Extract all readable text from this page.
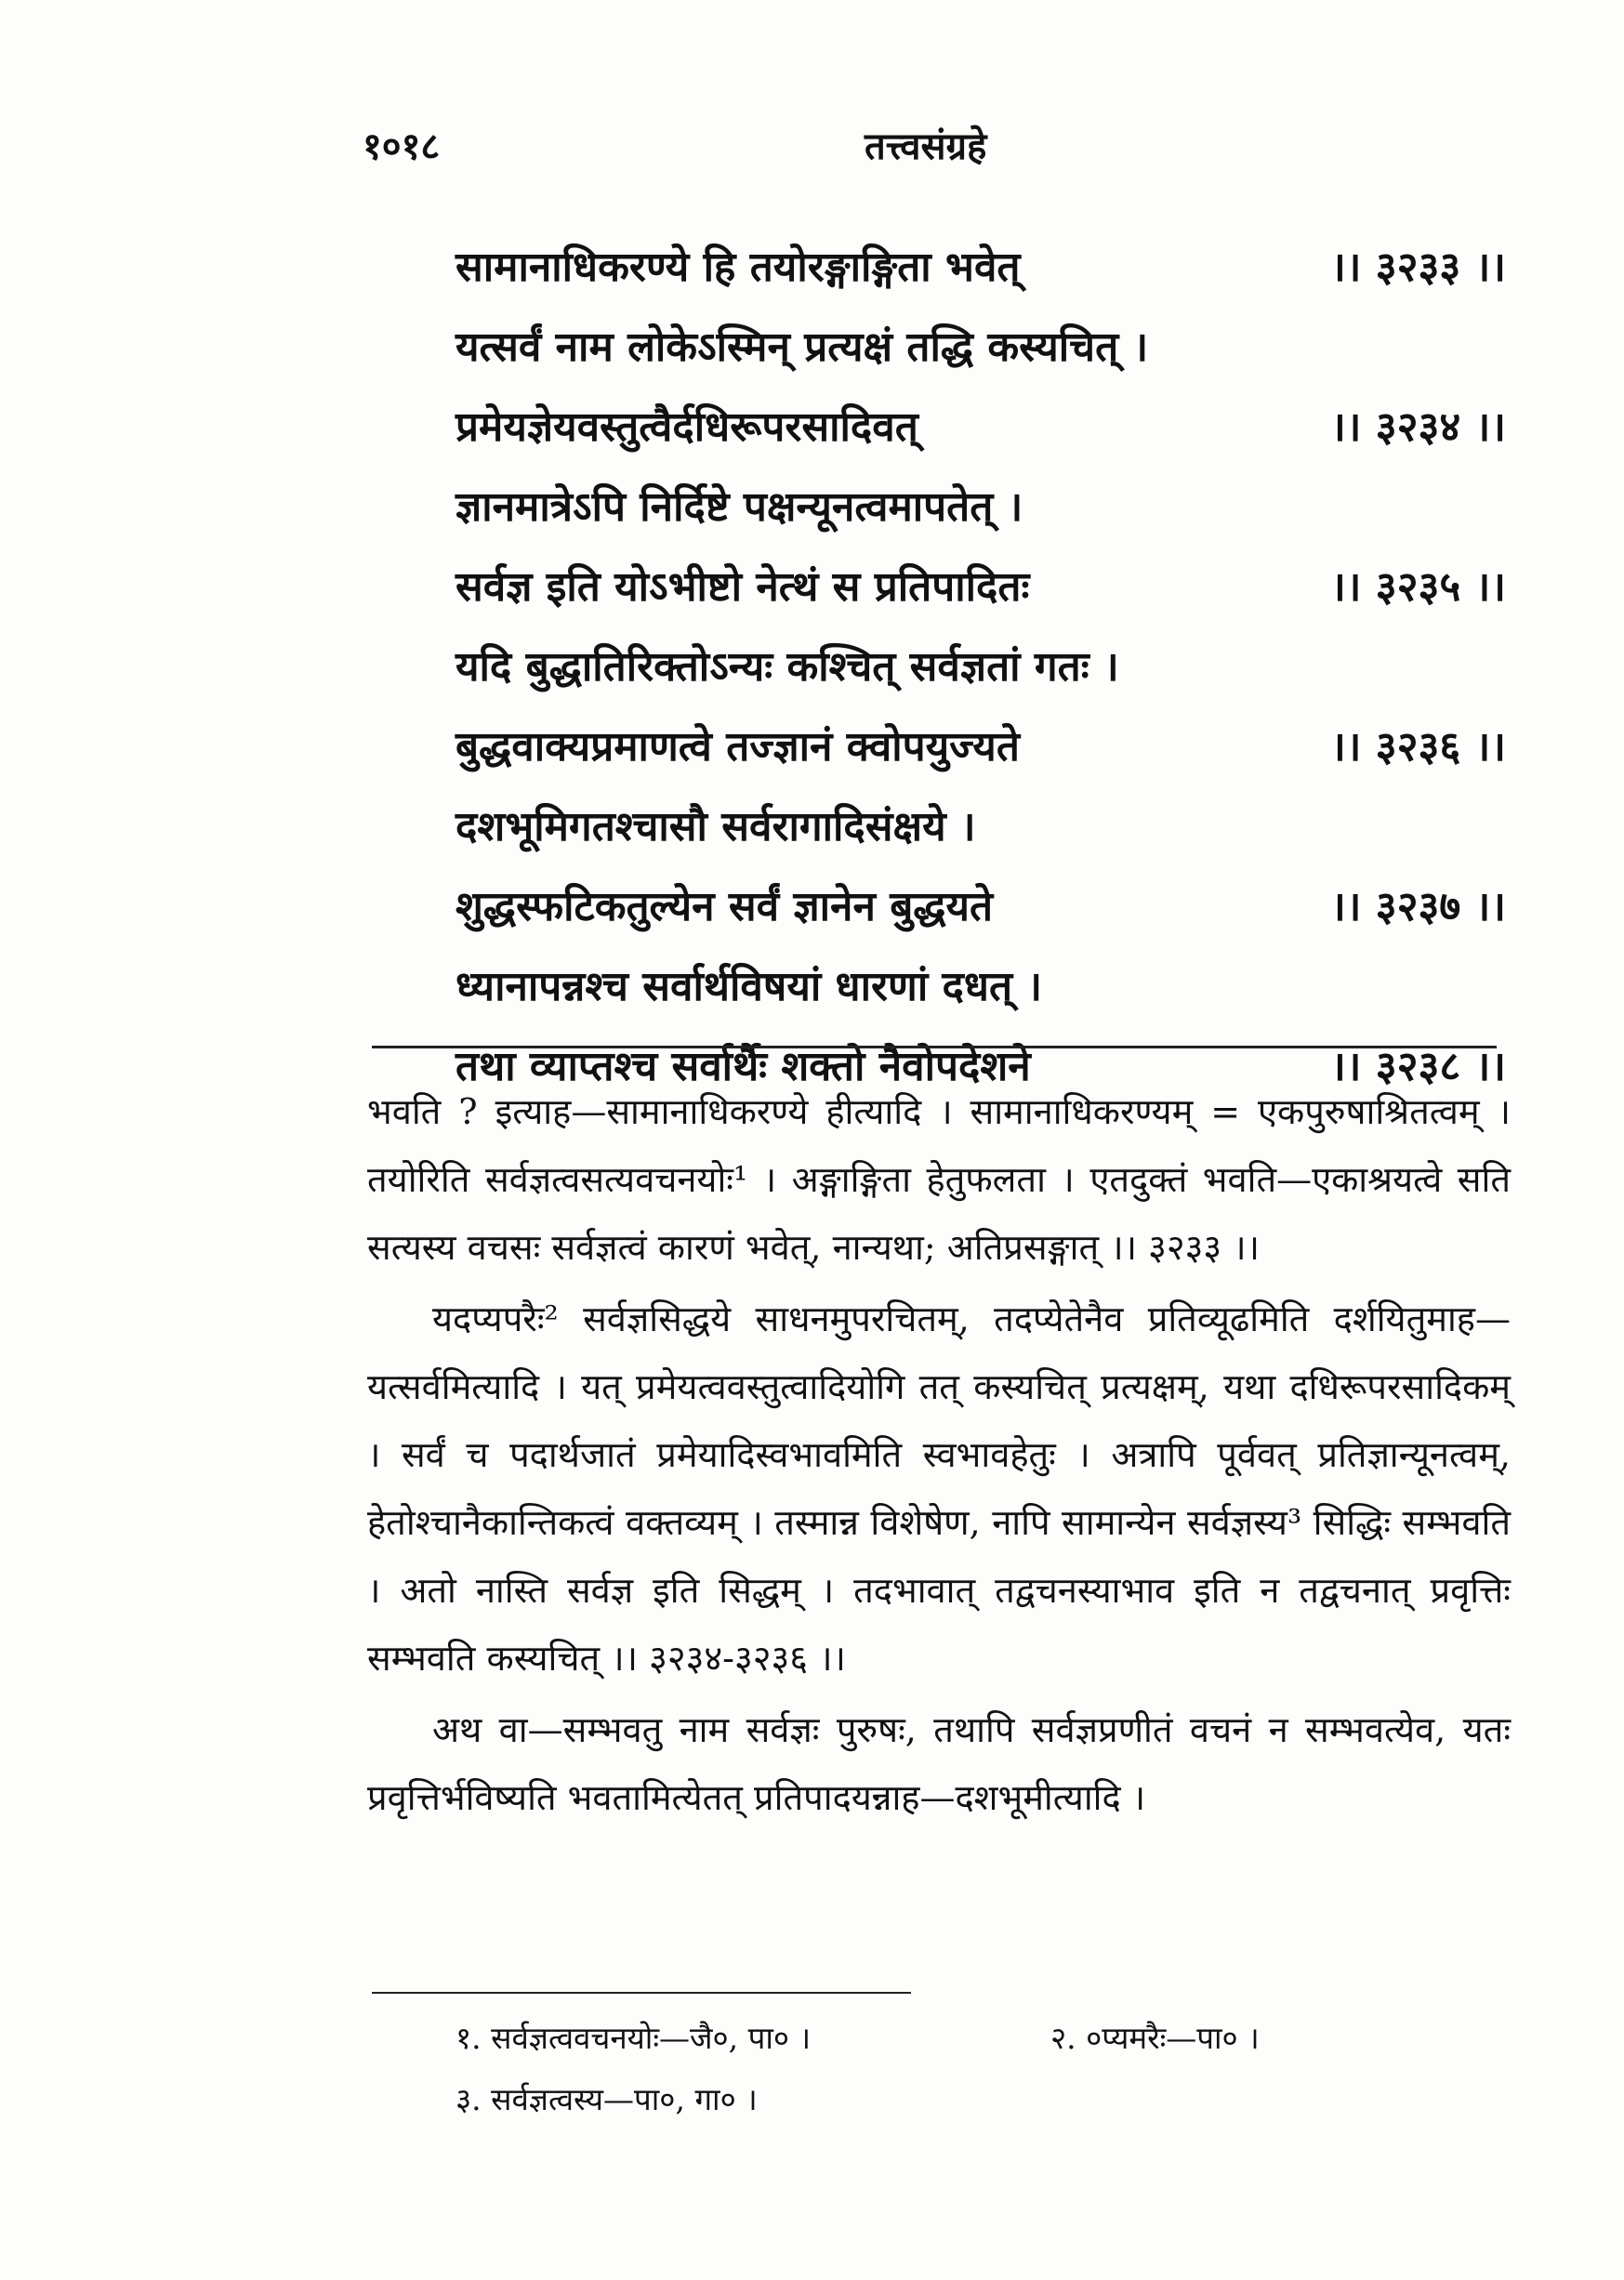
१०१८	तत्त्वसंग्रहे
सामानाधिकरण्ये हि तयोरङ्गाङ्गिता भवेत्	।। ३२३३ ।।
यत्सर्वं नाम लोकेऽस्मिन् प्रत्यक्षं तद्धि कस्यचित् ।
प्रमेयज्ञेयवस्तुत्वैर्दधिरूपरसादिवत्	।। ३२३४ ।।
ज्ञानमात्रेऽपि निर्दिष्टे पक्षन्यूनत्वमापतेत् ।
सर्वज्ञ इति योऽभीष्टो नेत्थं स प्रतिपादितः	।। ३२३५ ।।
यदि बुद्धातिरिक्तोऽन्यः कश्चित् सर्वज्ञतां गतः ।
बुद्धवाक्यप्रमाणत्वे तज्ज्ञानं क्वोपयुज्यते	।। ३२३६ ।।
दशभूमिगतश्चासौ सर्वरागादिसंक्षये ।
शुद्धस्फटिकतुल्येन सर्वं ज्ञानेन बुद्धयते	।। ३२३७ ।।
ध्यानापन्नश्च सर्वार्थविषयां धारणां दधत् ।
तथा व्याप्तश्च सर्वार्थैः शक्तो नैवोपदेशने	।। ३२३८ ।।

भवति ? इत्याह—सामानाधिकरण्ये हीत्यादि । सामानाधिकरण्यम् = एकपुरुषाश्रितत्वम् । तयोरिति सर्वज्ञत्वसत्यवचनयोः¹ । अङ्गाङ्गिता हेतुफलता । एतदुक्तं भवति—एकाश्रयत्वे सति सत्यस्य वचसः सर्वज्ञत्वं कारणं भवेत्, नान्यथा; अतिप्रसङ्गात् ।। ३२३३ ।।

यदप्यपरैः² सर्वज्ञसिद्धये साधनमुपरचितम्, तदप्येतेनैव प्रतिव्यूढमिति दर्शयितुमाह—यत्सर्वमित्यादि । यत् प्रमेयत्ववस्तुत्वादियोगि तत् कस्यचित् प्रत्यक्षम्, यथा दधिरूपरसादिकम् । सर्वं च पदार्थजातं प्रमेयादिस्वभावमिति स्वभावहेतुः । अत्रापि पूर्ववत् प्रतिज्ञान्यूनत्वम्, हेतोश्चानैकान्तिकत्वं वक्तव्यम् । तस्मान्न विशेषेण, नापि सामान्येन सर्वज्ञस्य³ सिद्धिः सम्भवति । अतो नास्ति सर्वज्ञ इति सिद्धम् । तदभावात् तद्वचनस्याभाव इति न तद्वचनात् प्रवृत्तिः सम्भवति कस्यचित् ।। ३२३४-३२३६ ।।

अथ वा—सम्भवतु नाम सर्वज्ञः पुरुषः, तथापि सर्वज्ञप्रणीतं वचनं न सम्भवत्येव, यतः प्रवृत्तिर्भविष्यति भवतामित्येतत् प्रतिपादयन्नाह—दशभूमीत्यादि ।

१. सर्वज्ञत्ववचनयोः—जै०, पा० ।	२. ०प्यमरैः—पा० ।
३. सर्वज्ञत्वस्य—पा०, गा० ।
